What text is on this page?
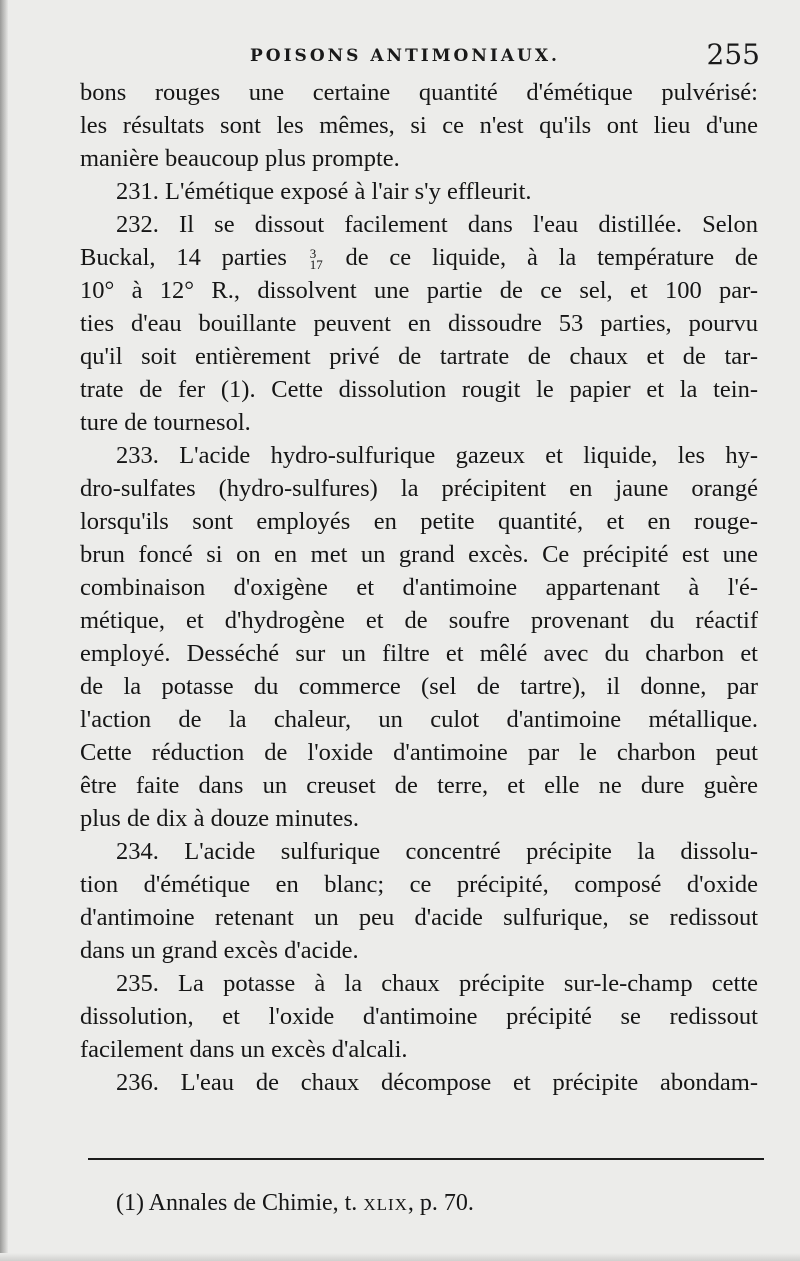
POISONS ANTIMONIAUX.	255
bons rouges une certaine quantité d'émétique pulvérisé:
les résultats sont les mêmes, si ce n'est qu'ils ont lieu d'une
manière beaucoup plus prompte.
231. L'émétique exposé à l'air s'y effleurit.
232. Il se dissout facilement dans l'eau distillée. Selon
Buckal, 14 parties 3
17 de ce liquide, à la température de
10° à 12° R., dissolvent une partie de ce sel, et 100 par-
ties d'eau bouillante peuvent en dissoudre 53 parties, pourvu
qu'il soit entièrement privé de tartrate de chaux et de tar-
trate de fer (1). Cette dissolution rougit le papier et la tein-
ture de tournesol.
233. L'acide hydro-sulfurique gazeux et liquide, les hy-
dro-sulfates (hydro-sulfures) la précipitent en jaune orangé
lorsqu'ils sont employés en petite quantité, et en rouge-
brun foncé si on en met un grand excès. Ce précipité est une
combinaison d'oxigène et d'antimoine appartenant à l'é-
métique, et d'hydrogène et de soufre provenant du réactif
employé. Desséché sur un filtre et mêlé avec du charbon et
de la potasse du commerce (sel de tartre), il donne, par
l'action de la chaleur, un culot d'antimoine métallique.
Cette réduction de l'oxide d'antimoine par le charbon peut
être faite dans un creuset de terre, et elle ne dure guère
plus de dix à douze minutes.
234. L'acide sulfurique concentré précipite la dissolu-
tion d'émétique en blanc; ce précipité, composé d'oxide
d'antimoine retenant un peu d'acide sulfurique, se redissout
dans un grand excès d'acide.
235. La potasse à la chaux précipite sur-le-champ cette
dissolution, et l'oxide d'antimoine précipité se redissout
facilement dans un excès d'alcali.
236. L'eau de chaux décompose et précipite abondam-
(1) Annales de Chimie, t. xlix, p. 70.
